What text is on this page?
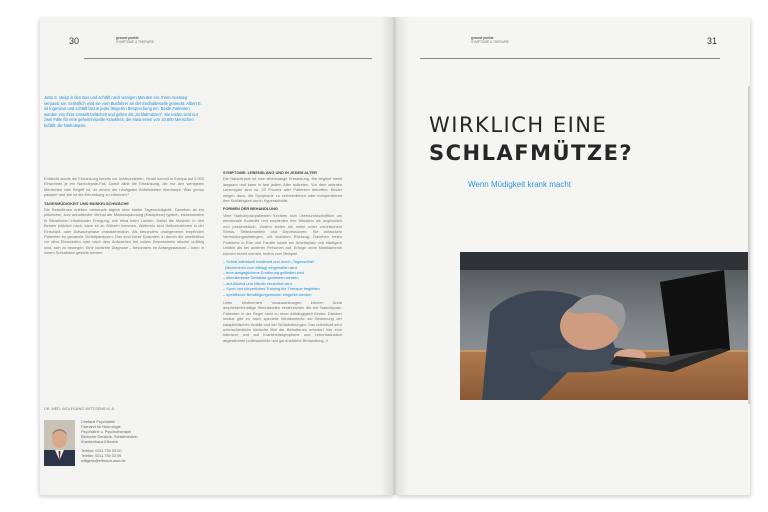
30	gesund punkte
SYMPTOME & THERAPIE	31
gesund punkte
SYMPTOME & THERAPIE
Jutta S. steigt in den Bus und schläft nach wenigen Minuten ein. Ihren Ausstieg verpasst sie. Schlaflich wird sie vom Busfahrer an der Endhaltestelle geweckt. Albert E. ist Ingenieur und schläft fast in jeder längeren Besprechung ein. Beide Patienten werden von ihrer Umwelt belächelt und gelten als „Schlafmützen“. Sie leiden sind nur zwei Fälle für eine geheimnisvolle Krankheit, die etwa einen von 20.000 Menschen befällt: die Narkolepsie.

Entdeckt wurde die Erkrankung bereits vor Jahrhunderten. Heute kommt in Europa auf 2.000 Einwohner je ein Narkolepsie-Fall. Damit zählt die Erkrankung, die nur den wenigsten Menschen vom Begriff ist, zu einem der häufigsten Anfallsleiden überhaupt. Was genau passiert und wie ist die Erkrankung zu erkennen?

TAGESMÜDIGKEIT UND MUSKELSCHWÄCHE

Die Betroffenen erleben mehrmals täglich eine starke Tagesmüdigkeit. Daneben ist ein plötzlicher, kurz anhaltender Verlust der Muskelspannung (Kataplexie) typisch, insbesondere in Situationen emotionaler Erregung, wie etwa beim Lachen. Dabei die Muskeln in den Beinen plötzlich nach, kann es zu Stürzen kommen. Weiterhin sind Halluzinationen in der Einschlaf- oder Aufwachphase charakteristisch. Als besonders unangenehm empfinden Patienten so genannte Schlafparalysen: Das sind kurze Episoden, in denen die unmittelbar vor dem Einschlafen oder nach dem Aufwachen bei vollem Bewusstsein absolut unfähig sind, sich zu bewegen. Eine konkrete Diagnose – besonders im Anfangsstadium – kann in einem Schlaflabor gestellt werden.

SYMPTOME: LEBENSLANG UND IN JEDEM ALTER

Die Narkolepsie ist eine lebenslange Erkrankung. Sie beginnt meist langsam und kann in fast jedem Alter auftreten. Vor dem zehnten Lebensjahr sind ca. 20 Prozent aller Patienten betroffen. Kinder neigen dazu, die Symptome zu verheimlichen oder kompensieren ihre Schläfrigkeit durch Hyperaktivität.

FORMEN DER BEHANDLUNG

Viele Narkolepsiepatienten fürchten sich überdurchschnittlich um emotionale Kontrolle und empfinden ihre Situation als unglücklich und pessimistisch. Zudem leiden sie meist unter chronischem Stress, Selbstzweifeln und Depressionen. Sie entwickeln Vermeidungsstrategien, mit sozialem Rückzug. Daneben treten Probleme in Ehe und Familie sowie am Arbeitsplatz und häufigere Unfälle als bei anderen Personen auf. Erfolge ohne Medikamente können erzielt werden, indem zum Beispiel

– Schlaf individuell bestimmt und durch „Tagesschlaf“
(Nickerchen zum Mittag) eingehalten wird
– eine ausgeglichene Ernährung gefördert wird
– stimulierende Getränke gemieden werden
– auf Alkohol und Nikotin verzichtet wird
– Sport und körperliches Training die Therapie begleiten
– spezifische Bewältigungsmuster eingeübt werden

Unter bestimmten Voraussetzungen können Ärzte amphetaminhaltige Stimulanzien verabreichen die bei Narkolepsie-Patienten in der Regel nicht zu einer Abhängigkeit führen. Darüber hinaus gibt es auch spezielle Medikamente zur Besserung der kataplektischen Anfälle und der Schlafstörungen. Das individuell sehr unterschiedliche klinische Bild der Betroffenen erfordert hier eine intensive und auf Krankheitssymptome und Lebenssituation abgestimmte professionelle und ganzheitliche Behandlung. //

DR. MED. WOLFGANG WITTGENS M. A.
Chefarzt Psychiatrie
Facharzt für Neurologie
Psychiatrie u. Psychotherapie
Klinische Geriatrie, Schlafmedizin
Krankenhaus Elbroich
Telefon: 0211.750 03 00
Telefax: 0211.750 03 06
wittgens@elbroich-awo.de
WIRKLICH EINE
SCHLAFMÜTZE?
Wenn Müdigkeit krank macht
